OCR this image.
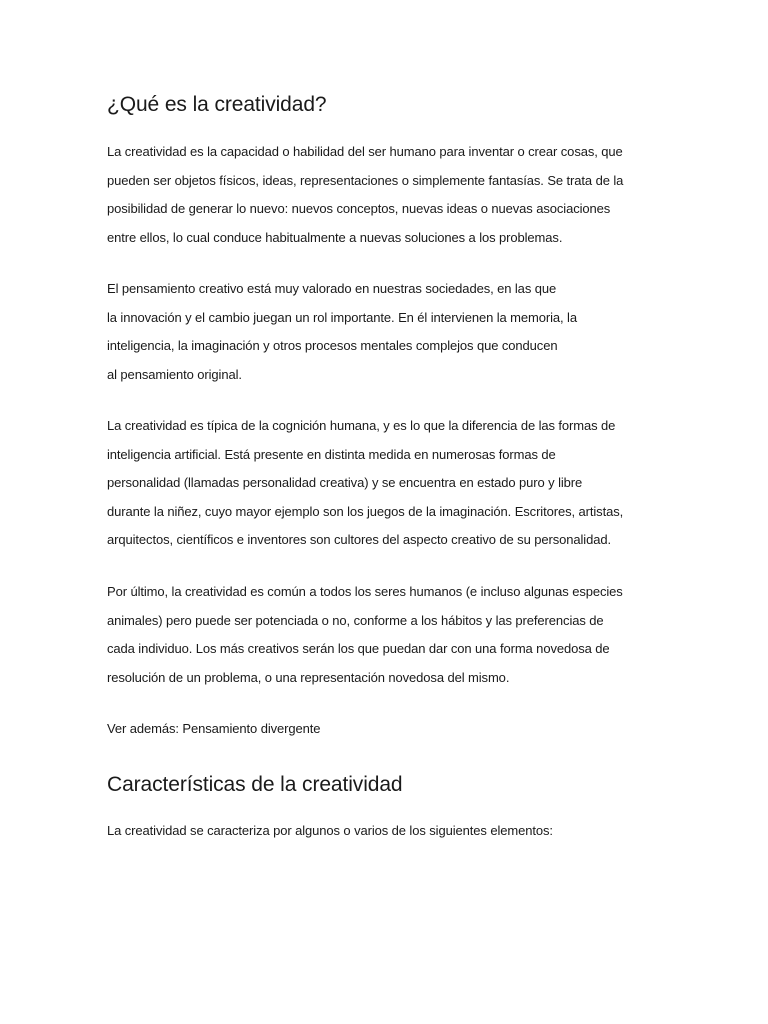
¿Qué es la creatividad?
La creatividad es la capacidad o habilidad del ser humano para inventar o crear cosas, que
pueden ser objetos físicos, ideas, representaciones o simplemente fantasías. Se trata de la
posibilidad de generar lo nuevo: nuevos conceptos, nuevas ideas o nuevas asociaciones
entre ellos, lo cual conduce habitualmente a nuevas soluciones a los problemas.
El pensamiento creativo está muy valorado en nuestras sociedades, en las que
la innovación y el cambio juegan un rol importante. En él intervienen la memoria, la
inteligencia, la imaginación y otros procesos mentales complejos que conducen
al pensamiento original.
La creatividad es típica de la cognición humana, y es lo que la diferencia de las formas de
inteligencia artificial. Está presente en distinta medida en numerosas formas de
personalidad (llamadas personalidad creativa) y se encuentra en estado puro y libre
durante la niñez, cuyo mayor ejemplo son los juegos de la imaginación. Escritores, artistas,
arquitectos, científicos e inventores son cultores del aspecto creativo de su personalidad.
Por último, la creatividad es común a todos los seres humanos (e incluso algunas especies
animales) pero puede ser potenciada o no, conforme a los hábitos y las preferencias de
cada individuo. Los más creativos serán los que puedan dar con una forma novedosa de
resolución de un problema, o una representación novedosa del mismo.
Ver además: Pensamiento divergente
Características de la creatividad
La creatividad se caracteriza por algunos o varios de los siguientes elementos:
